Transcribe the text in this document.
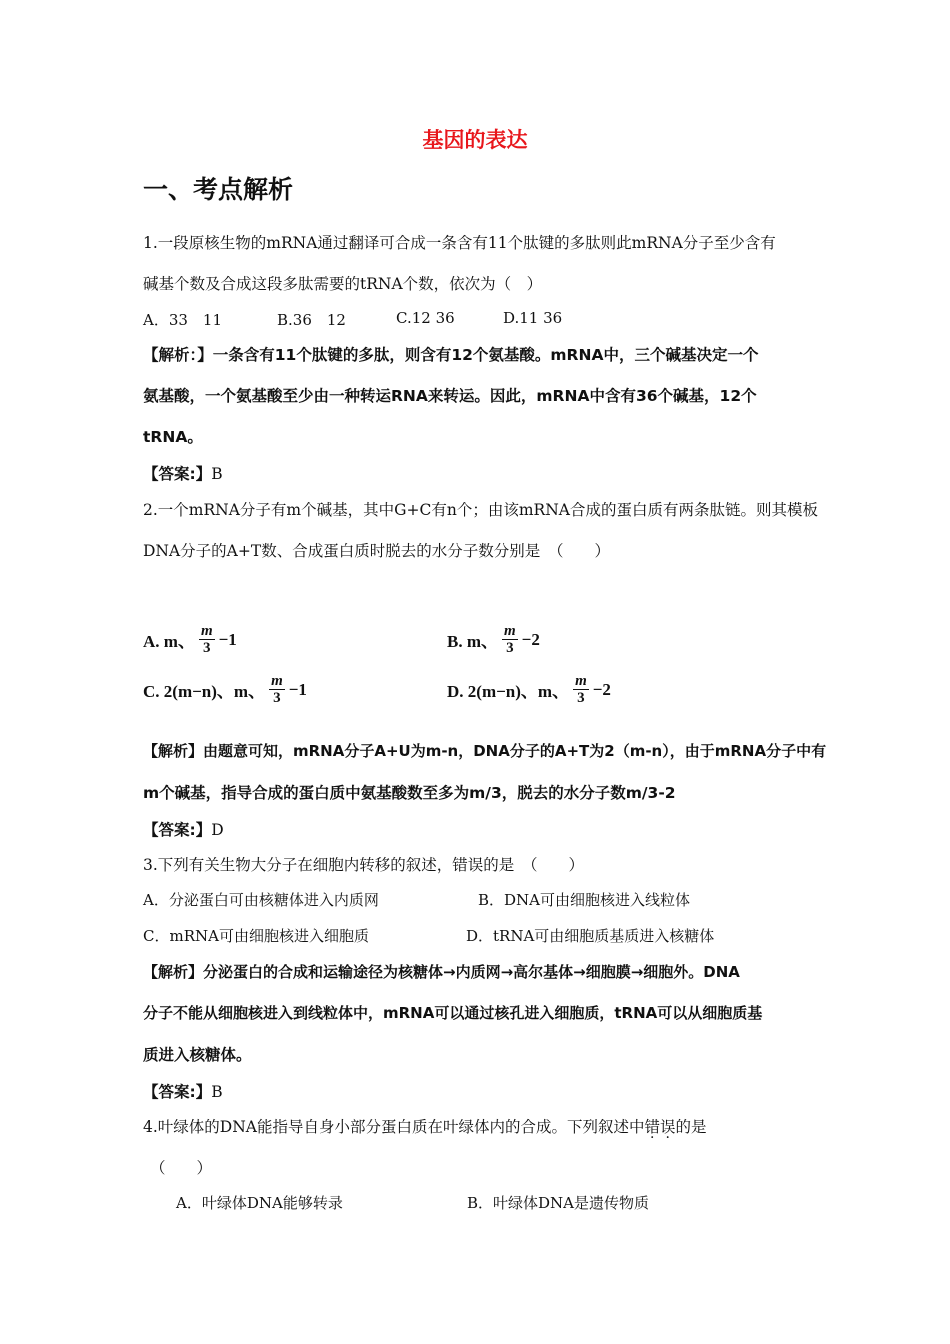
基因的表达
一、考点解析
1.一段原核生物的mRNA通过翻译可合成一条含有11个肽键的多肽则此mRNA分子至少含有
碱基个数及合成这段多肽需要的tRNA个数，依次为（　）
A．33　11	B.36　12	C.12 36	D.11 36
【解析：】一条含有11个肽键的多肽，则含有12个氨基酸。mRNA中，三个碱基决定一个
氨基酸，一个氨基酸至少由一种转运RNA来转运。因此，mRNA中含有36个碱基，12个
tRNA。
【答案:】B
2.一个mRNA分子有m个碱基，其中G+C有n个；由该mRNA合成的蛋白质有两条肽链。则其模板
DNA分子的A+T数、合成蛋白质时脱去的水分子数分别是　（　　）
A. m、 $\frac{m}{3} -1$	B. m、 $\frac{m}{3} -2$
C. 2(m−n)、m、 $\frac{m}{3} -1$	D. 2(m−n)、m、 $\frac{m}{3} -2$
【解析】由题意可知，mRNA分子A+U为m-n，DNA分子的A+T为2（m-n），由于mRNA分子中有
m个碱基，指导合成的蛋白质中氨基酸数至多为m/3，脱去的水分子数m/3-2
【答案:】D
3.下列有关生物大分子在细胞内转移的叙述，错误的是　（　　）
A．分泌蛋白可由核糖体进入内质网	B．DNA可由细胞核进入线粒体
C．mRNA可由细胞核进入细胞质	D．tRNA可由细胞质基质进入核糖体
【解析】分泌蛋白的合成和运输途径为核糖体→内质网→高尔基体→细胞膜→细胞外。DNA
分子不能从细胞核进入到线粒体中，mRNA可以通过核孔进入细胞质，tRNA可以从细胞质基
质进入核糖体。
【答案:】B
4.叶绿体的DNA能指导自身小部分蛋白质在叶绿体内的合成。下列叙述中错误的是
（　　）
A．叶绿体DNA能够转录	B．叶绿体DNA是遗传物质
